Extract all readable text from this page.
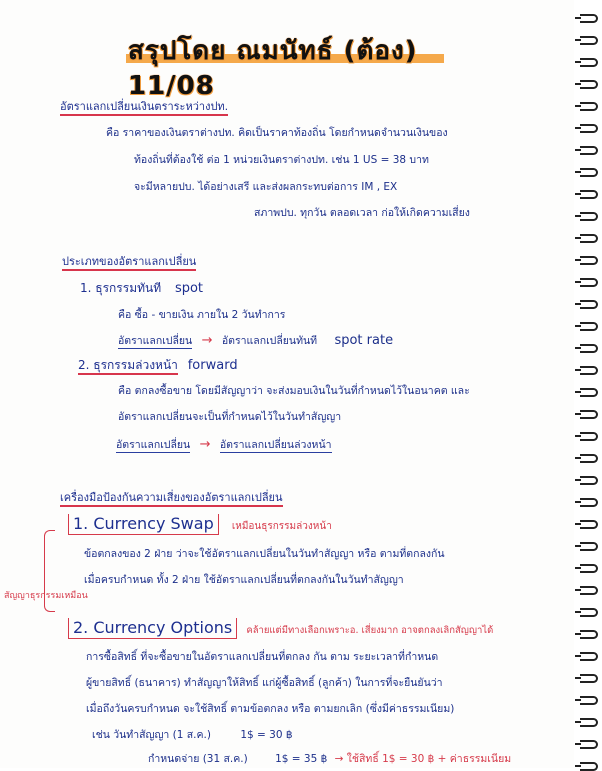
สรุปโดย ณมนัทธ์ (ต้อง) 11/08
อัตราแลกเปลี่ยนเงินตราระหว่างปท.
คือ ราคาของเงินตราต่างปท. คิดเป็นราคาท้องถิ่น โดยกำหนดจำนวนเงินของ
ท้องถิ่นที่ต้องใช้ ต่อ 1 หน่วยเงินตราต่างปท. เช่น 1 US = 38 บาท
จะมีหลายปบ. ได้อย่างเสรี และส่งผลกระทบต่อการ IM , EX
สภาพปบ. ทุกวัน ตลอดเวลา ก่อให้เกิดความเสี่ยง
ประเภทของอัตราแลกเปลี่ยน
1. ธุรกรรมทันที spot
คือ ซื้อ - ขายเงิน ภายใน 2 วันทำการ
อัตราแลกเปลี่ยน → อัตราแลกเปลี่ยนทันที spot rate
2. ธุรกรรมล่วงหน้า forward
คือ ตกลงซื้อขาย โดยมีสัญญาว่า จะส่งมอบเงินในวันที่กำหนดไว้ในอนาคต และ
อัตราแลกเปลี่ยนจะเป็นที่กำหนดไว้ในวันทำสัญญา
อัตราแลกเปลี่ยน → อัตราแลกเปลี่ยนล่วงหน้า
เครื่องมือป้องกันความเสี่ยงของอัตราแลกเปลี่ยน
สัญญาธุรกรรมเหมือน
1. Currency Swap เหมือนธุรกรรมล่วงหน้า
ข้อตกลงของ 2 ฝ่าย ว่าจะใช้อัตราแลกเปลี่ยนในวันทำสัญญา หรือ ตามที่ตกลงกัน
เมื่อครบกำหนด ทั้ง 2 ฝ่าย ใช้อัตราแลกเปลี่ยนที่ตกลงกันในวันทำสัญญา
2. Currency Options คล้ายแต่มีทางเลือกเพราะอ. เสี่ยงมาก อาจตกลงเลิกสัญญาได้
การซื้อสิทธิ์ ที่จะซื้อขายในอัตราแลกเปลี่ยนที่ตกลง กัน ตาม ระยะเวลาที่กำหนด
ผู้ขายสิทธิ์ (ธนาคาร) ทำสัญญาให้สิทธิ์ แก่ผู้ซื้อสิทธิ์ (ลูกค้า) ในการที่จะยืนยันว่า
เมื่อถึงวันครบกำหนด จะใช้สิทธิ์ ตามข้อตกลง หรือ ตามยกเลิก (ซึ่งมีค่าธรรมเนียม)
เช่น วันทำสัญญา (1 ส.ค.)	1$ = 30 ฿
กำหนดจ่าย (31 ส.ค.)	1$ = 35 ฿ → ใช้สิทธิ์ 1$ = 30 ฿ + ค่าธรรมเนียม
